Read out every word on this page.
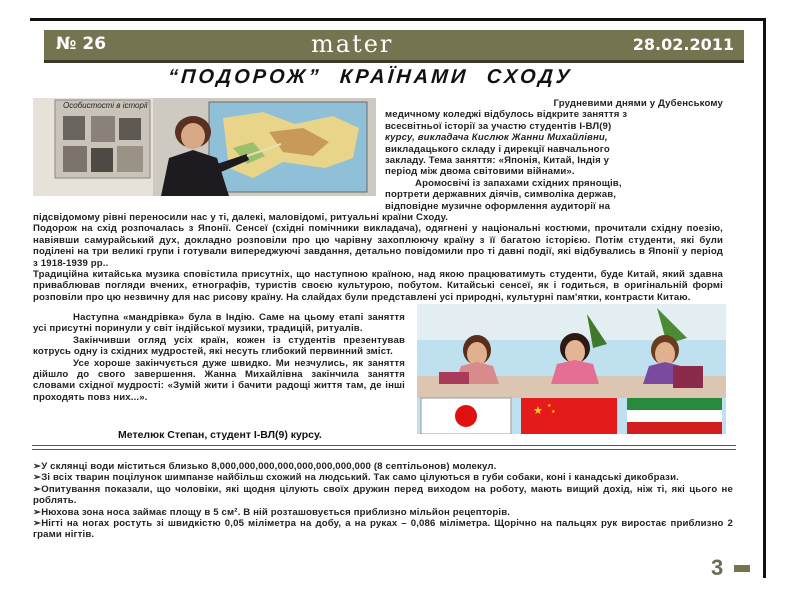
№ 26	mater	28.02.2011
“ПОДОРОЖ” КРАЇНАМИ СХОДУ
Особистості в історії	Грудневими днями у Дубенському
медичному коледжі відбулось відкрите заняття з
всесвітньої історії за участю студентів І-ВЛ(9)
курсу, викладача Кислюк Жанни Михайлівни,
викладацького складу і дирекції навчального
закладу. Тема заняття: «Японія, Китай, Індія у
період між двома світовими війнами».
Аромосвічі із запахами східних прянощів,
портрети державних діячів, символіка держав,
відповідне музичне оформлення аудиторії на
підсвідомому рівні переносили нас у ті, далекі, маловідомі, ритуальні країни Сходу.
Подорож на схід розпочалась з Японії. Сенсеї (східні помічники викладача), одягнені у національні костюми, прочитали східну поезію, навіявши самурайський дух, докладно розповіли про цю чарівну захоплюючу країну з її багатою історією. Потім студенти, які були поділені на три великі групи і готували випереджуючі завдання, детально повідомили про ті давні події, які відбувались в Японії у період з 1918-1939 рр..
Традиційна китайська музика сповістила присутніх, що наступною країною, над якою працюватимуть студенти, буде Китай, який здавна приваблював погляди вчених, етнографів, туристів своєю культурою, побутом. Китайські сенсеї, як і годиться, в оригінальній формі розповіли про цю незвичну для нас рисову країну. На слайдах були представлені усі природні, культурні пам'ятки, контрасти Китаю.
Наступна «мандрівка» була в Індію. Саме на цьому етапі заняття усі присутні поринули у світ індійської музики, традицій, ритуалів.
Закінчивши огляд усіх країн, кожен із студентів презентував котрусь одну із східних мудростей, які несуть глибокий первинний зміст.
Усе хороше закінчується дуже швидко. Ми незчулись, як заняття дійшло до свого завершення. Жанна Михайлівна закінчила заняття словами східної мудрості: «Зумій жити і бачити радощі життя там, де інші проходять повз них...».
★ ★
★
Метелюк Степан, студент І-ВЛ(9) курсу.
➢У склянці води міститься близько 8,000,000,000,000,000,000,000,000 (8 септільонов) молекул.
➢Зі всіх тварин поцілунок шимпанзе найбільш схожий на людський. Так само цілуються в губи собаки, коні і канадські дикобрази.
➢Опитування показали, що чоловіки, які щодня цілують своїх дружин перед виходом на роботу, мають вищий дохід, ніж ті, які цього не роблять.
➢Нюхова зона носа займає площу в 5 см². В ній розташовується приблизно мільйон рецепторів.
➢Нігті на ногах ростуть зі швидкістю 0,05 міліметра на добу, а на руках – 0,086 міліметра. Щорічно на пальцях рук виростає приблизно 2 грами нігтів.
3
